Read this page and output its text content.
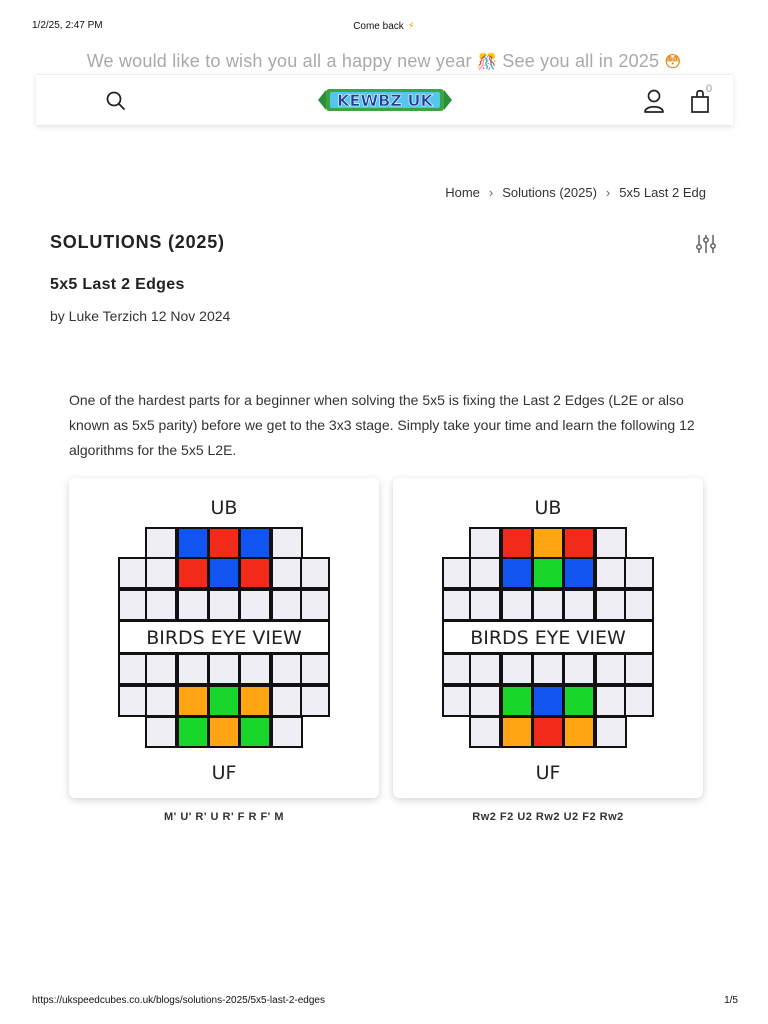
1/2/25, 2:47 PM	Come back ⚡
We would like to wish you all a happy new year 🎊 See you all in 2025 😳
KEWBZ UK
0
Home › Solutions (2025) › 5x5 Last 2 Edg
SOLUTIONS (2025)
5x5 Last 2 Edges
by Luke Terzich 12 Nov 2024
One of the hardest parts for a beginner when solving the 5x5 is fixing the Last 2 Edges (L2E or also known as 5x5 parity) before we get to the 3x3 stage. Simply take your time and learn the following 12 algorithms for the 5x5 L2E.
UB
UF
BIRDS EYE VIEW
UB
UF
BIRDS EYE VIEW
M' U' R' U R' F R F' M	Rw2 F2 U2 Rw2 U2 F2 Rw2
https://ukspeedcubes.co.uk/blogs/solutions-2025/5x5-last-2-edges	1/5
